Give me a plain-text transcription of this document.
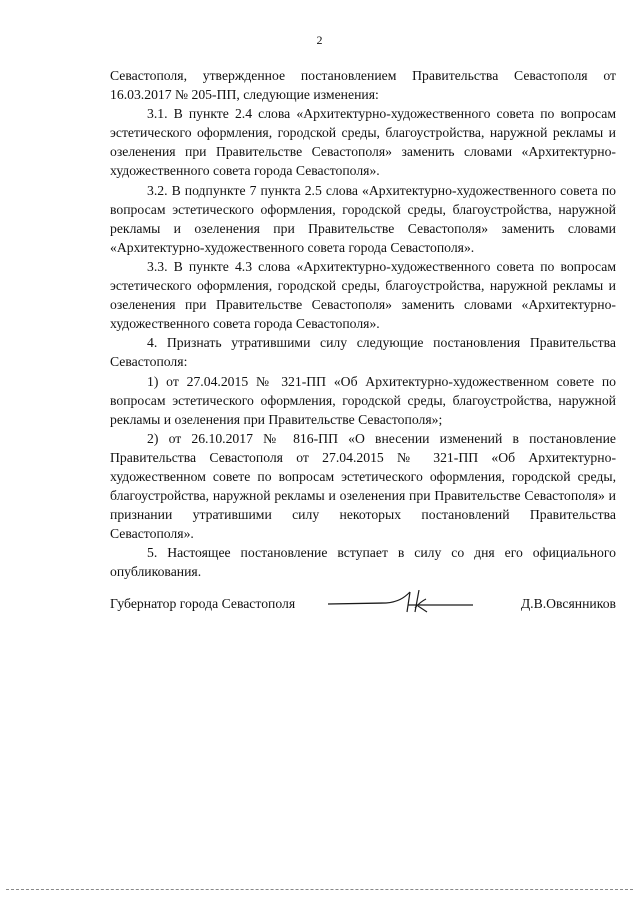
2

Севастополя, утвержденное постановлением Правительства Севастополя от 16.03.2017 № 205-ПП, следующие изменения:

3.1. В пункте 2.4 слова «Архитектурно-художественного совета по вопросам эстетического оформления, городской среды, благоустройства, наружной рекламы и озеленения при Правительстве Севастополя» заменить словами «Архитектурно-художественного совета города Севастополя».

3.2. В подпункте 7 пункта 2.5 слова «Архитектурно-художественного совета по вопросам эстетического оформления, городской среды, благоустройства, наружной рекламы и озеленения при Правительстве Севастополя» заменить словами «Архитектурно-художественного совета города Севастополя».

3.3. В пункте 4.3 слова «Архитектурно-художественного совета по вопросам эстетического оформления, городской среды, благоустройства, наружной рекламы и озеленения при Правительстве Севастополя» заменить словами «Архитектурно-художественного совета города Севастополя».

4. Признать утратившими силу следующие постановления Правительства Севастополя:

1) от 27.04.2015 № 321-ПП «Об Архитектурно-художественном совете по вопросам эстетического оформления, городской среды, благоустройства, наружной рекламы и озеленения при Правительстве Севастополя»;

2) от 26.10.2017 № 816-ПП «О внесении изменений в постановление Правительства Севастополя от 27.04.2015 № 321-ПП «Об Архитектурно-художественном совете по вопросам эстетического оформления, городской среды, благоустройства, наружной рекламы и озеленения при Правительстве Севастополя» и признании утратившими силу некоторых постановлений Правительства Севастополя».

5. Настоящее постановление вступает в силу со дня его официального опубликования.

Губернатор города Севастополя	Д.В.Овсянников
